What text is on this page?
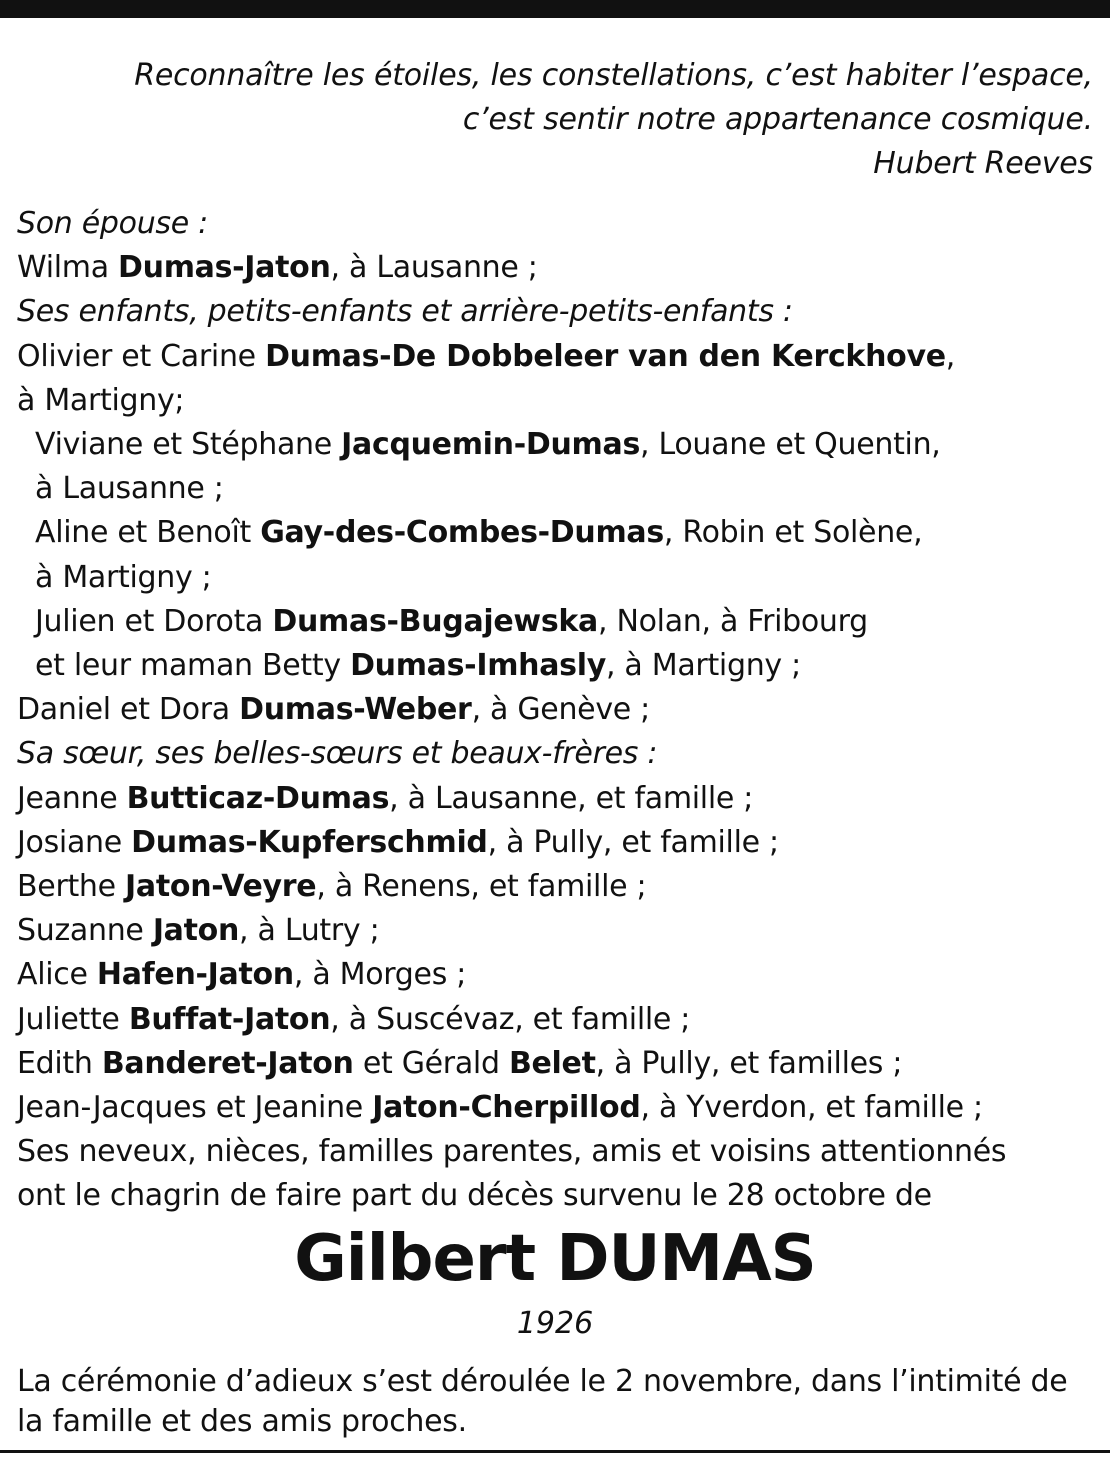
Reconnaître les étoiles, les constellations, c’est habiter l’espace,
c’est sentir notre appartenance cosmique.
Hubert Reeves
Son épouse :
Wilma Dumas-Jaton, à Lausanne ;
Ses enfants, petits-enfants et arrière-petits-enfants :
Olivier et Carine Dumas-De Dobbeleer van den Kerckhove,
à Martigny;
Viviane et Stéphane Jacquemin-Dumas, Louane et Quentin,
à Lausanne ;
Aline et Benoît Gay-des-Combes-Dumas, Robin et Solène,
à Martigny ;
Julien et Dorota Dumas-Bugajewska, Nolan, à Fribourg
et leur maman Betty Dumas-Imhasly, à Martigny ;
Daniel et Dora Dumas-Weber, à Genève ;
Sa sœur, ses belles-sœurs et beaux-frères :
Jeanne Butticaz-Dumas, à Lausanne, et famille ;
Josiane Dumas-Kupferschmid, à Pully, et famille ;
Berthe Jaton-Veyre, à Renens, et famille ;
Suzanne Jaton, à Lutry ;
Alice Hafen-Jaton, à Morges ;
Juliette Buffat-Jaton, à Suscévaz, et famille ;
Edith Banderet-Jaton et Gérald Belet, à Pully, et familles ;
Jean-Jacques et Jeanine Jaton-Cherpillod, à Yverdon, et famille ;
Ses neveux, nièces, familles parentes, amis et voisins attentionnés
ont le chagrin de faire part du décès survenu le 28 octobre de
Gilbert DUMAS
1926
La cérémonie d’adieux s’est déroulée le 2 novembre, dans l’intimité de
la famille et des amis proches.
